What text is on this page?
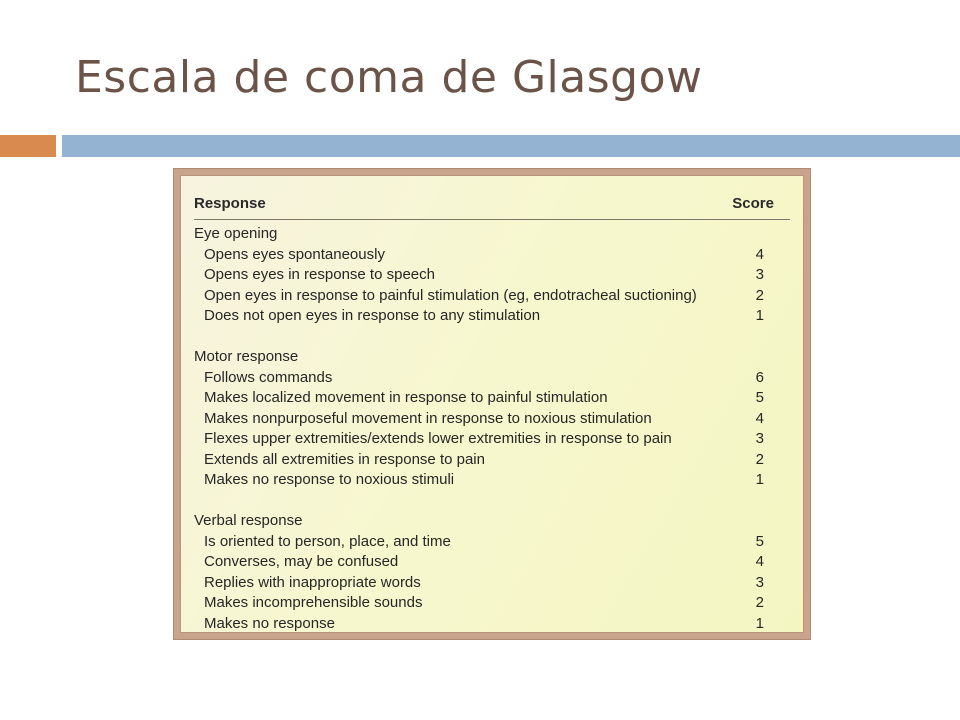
Escala de coma de Glasgow
Response	Score
Eye opening
Opens eyes spontaneously	4
Opens eyes in response to speech	3
Open eyes in response to painful stimulation (eg, endotracheal suctioning)	2
Does not open eyes in response to any stimulation	1
Motor response
Follows commands	6
Makes localized movement in response to painful stimulation	5
Makes nonpurposeful movement in response to noxious stimulation	4
Flexes upper extremities/extends lower extremities in response to pain	3
Extends all extremities in response to pain	2
Makes no response to noxious stimuli	1
Verbal response
Is oriented to person, place, and time	5
Converses, may be confused	4
Replies with inappropriate words	3
Makes incomprehensible sounds	2
Makes no response	1
